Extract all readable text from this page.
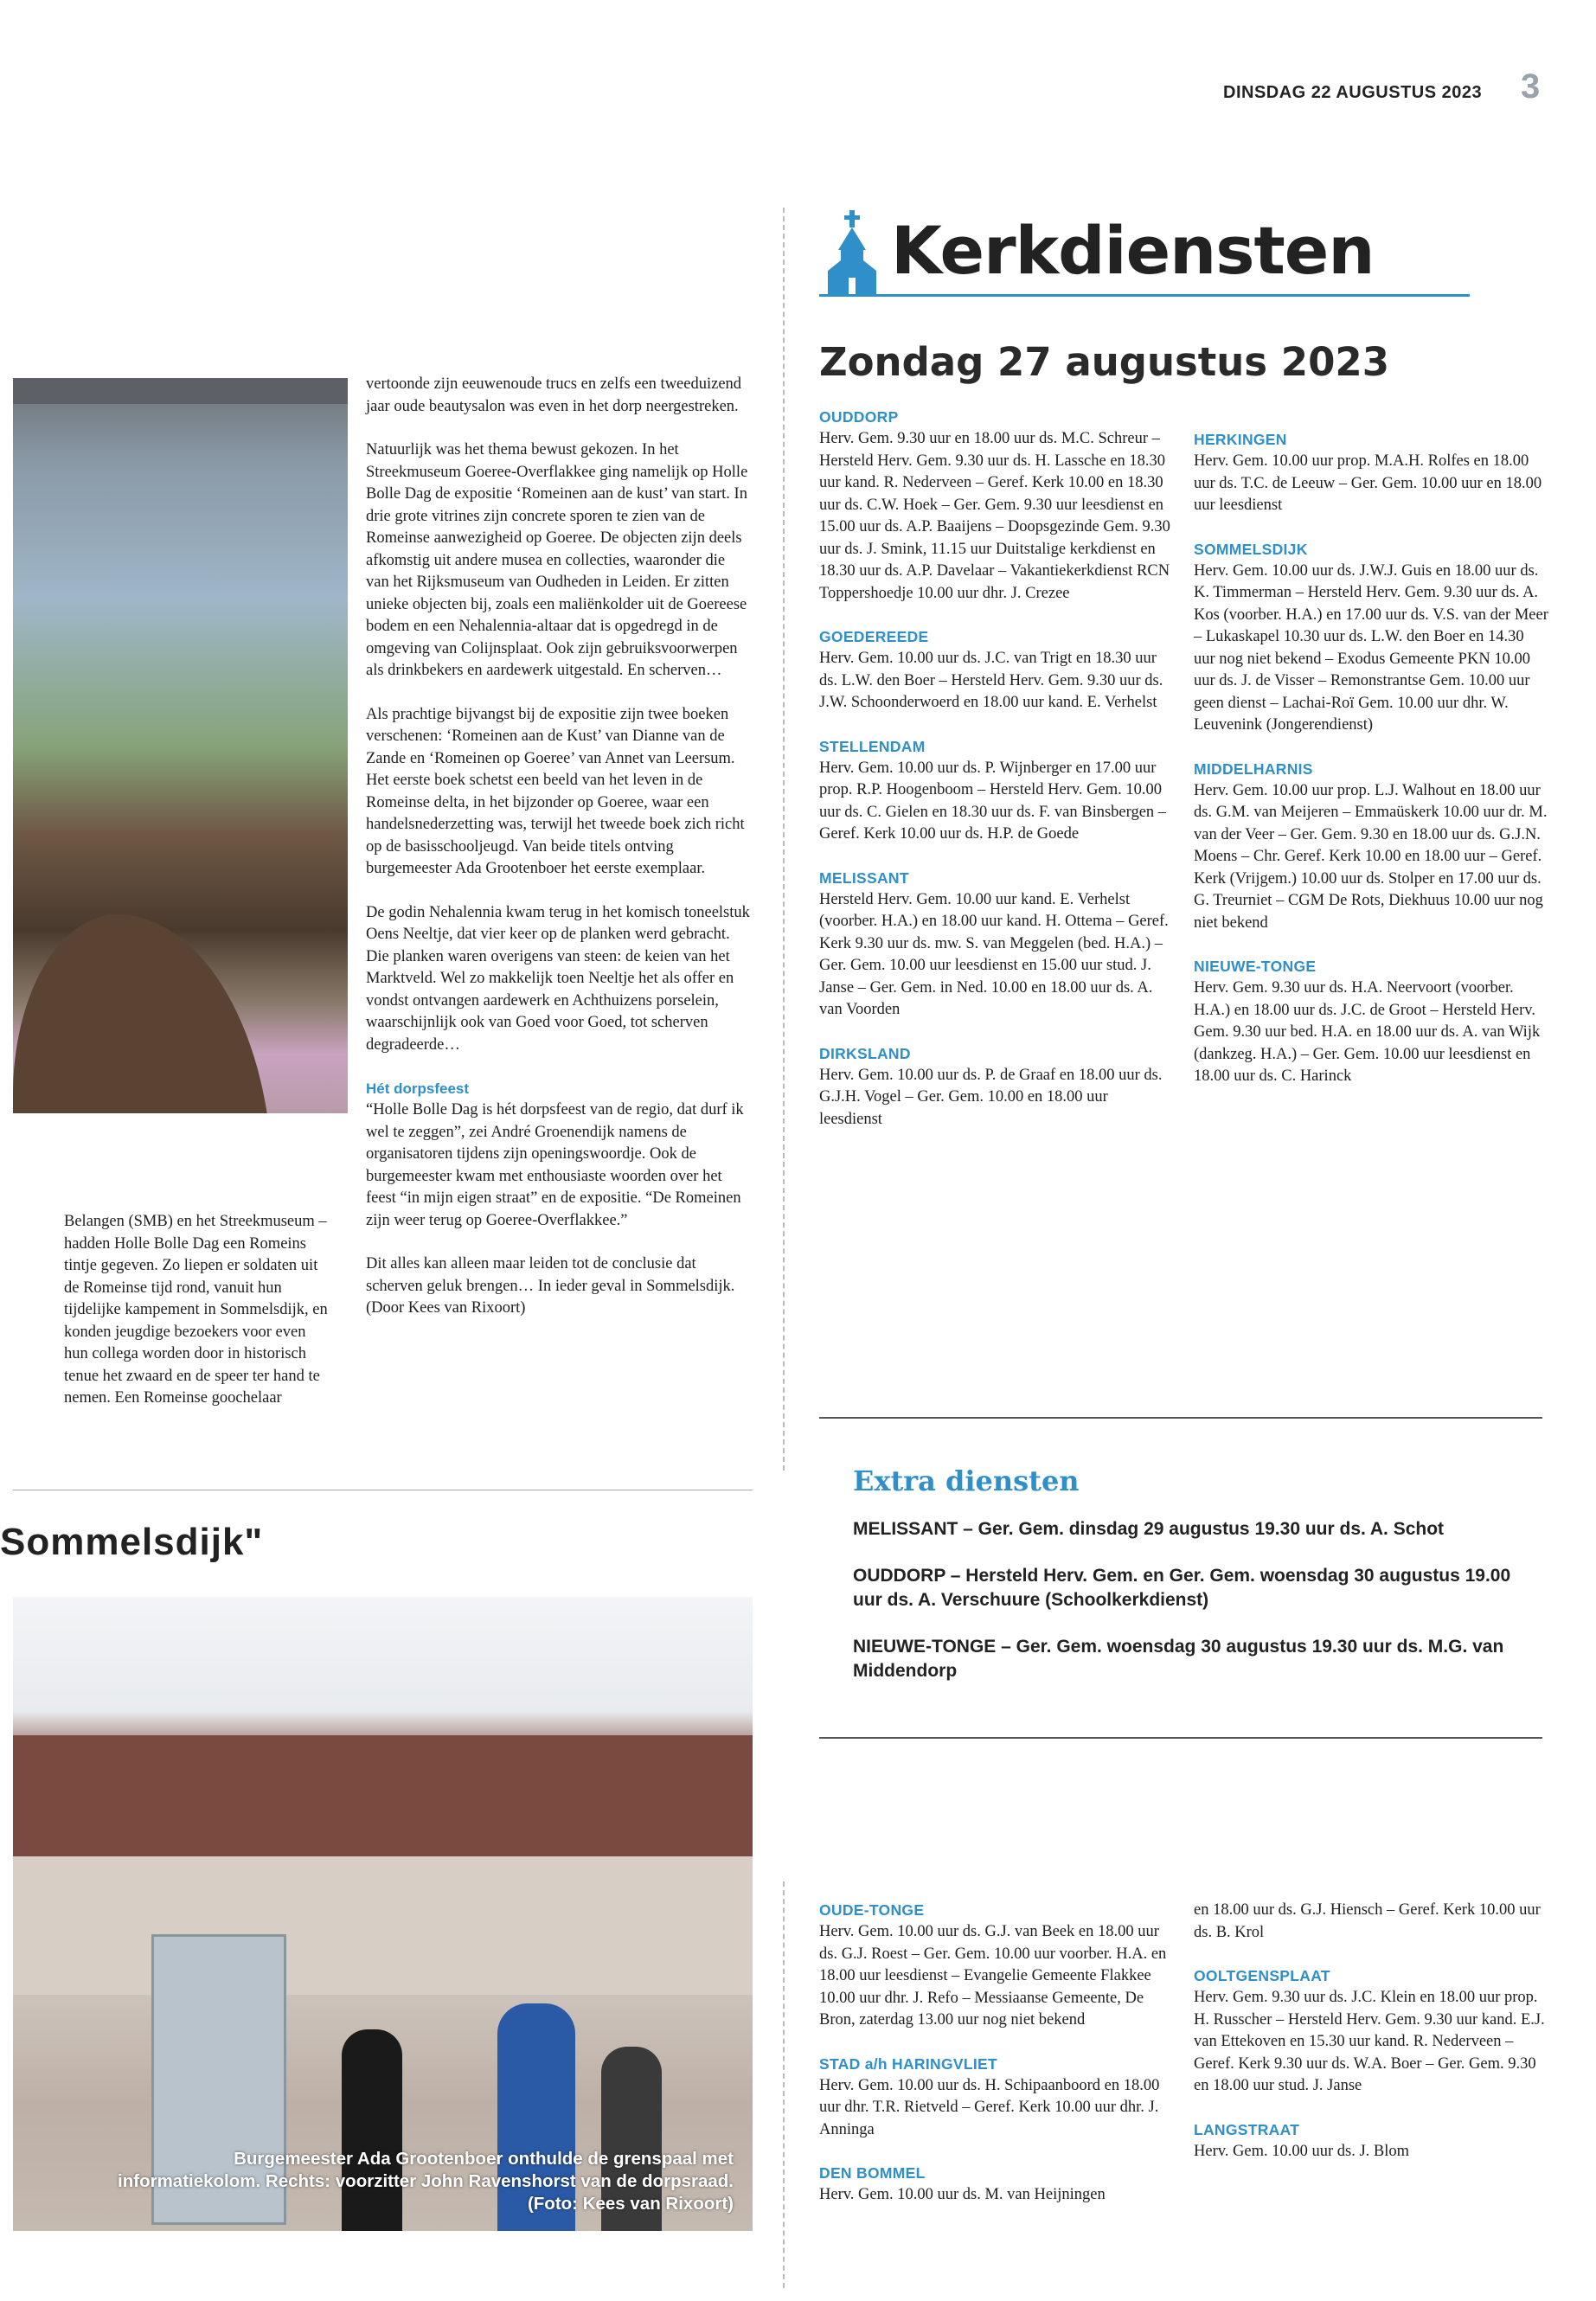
DINSDAG 22 AUGUSTUS 2023 3

Belangen (SMB) en het Streekmuseum – hadden Holle Bolle Dag een Romeins tintje gegeven. Zo liepen er soldaten uit de Romeinse tijd rond, vanuit hun tijdelijke kampement in Sommelsdijk, en konden jeugdige bezoekers voor even hun collega worden door in historisch tenue het zwaard en de speer ter hand te nemen. Een Romeinse goochelaar

vertoonde zijn eeuwenoude trucs en zelfs een tweeduizend jaar oude beautysalon was even in het dorp neergestreken.

Natuurlijk was het thema bewust gekozen. In het Streekmuseum Goeree-Overflakkee ging namelijk op Holle Bolle Dag de expositie ‘Romeinen aan de kust’ van start. In drie grote vitrines zijn concrete sporen te zien van de Romeinse aanwezigheid op Goeree. De objecten zijn deels afkomstig uit andere musea en collecties, waaronder die van het Rijksmuseum van Oudheden in Leiden. Er zitten unieke objecten bij, zoals een maliënkolder uit de Goereese bodem en een Nehalennia-altaar dat is opgedregd in de omgeving van Colijnsplaat. Ook zijn gebruiksvoorwerpen als drinkbekers en aardewerk uitgestald. En scherven…

Als prachtige bijvangst bij de expositie zijn twee boeken verschenen: ‘Romeinen aan de Kust’ van Dianne van de Zande en ‘Romeinen op Goeree’ van Annet van Leersum. Het eerste boek schetst een beeld van het leven in de Romeinse delta, in het bijzonder op Goeree, waar een handelsnederzetting was, terwijl het tweede boek zich richt op de basisschooljeugd. Van beide titels ontving burgemeester Ada Grootenboer het eerste exemplaar.

De godin Nehalennia kwam terug in het komisch toneelstuk Oens Neeltje, dat vier keer op de planken werd gebracht. Die planken waren overigens van steen: de keien van het Marktveld. Wel zo makkelijk toen Neeltje het als offer en vondst ontvangen aardewerk en Achthuizens porselein, waarschijnlijk ook van Goed voor Goed, tot scherven degradeerde…

Hét dorpsfeest

“Holle Bolle Dag is hét dorpsfeest van de regio, dat durf ik wel te zeggen”, zei André Groenendijk namens de organisatoren tijdens zijn openingswoordje. Ook de burgemeester kwam met enthousiaste woorden over het feest “in mijn eigen straat” en de expositie. “De Romeinen zijn weer terug op Goeree-Overflakkee.”

Dit alles kan alleen maar leiden tot de conclusie dat scherven geluk brengen… In ieder geval in Sommelsdijk. (Door Kees van Rixoort)

Sommelsdijk"
Burgemeester Ada Grootenboer onthulde de grenspaal met informatiekolom. Rechts: voorzitter John Ravenshorst van de dorpsraad. (Foto: Kees van Rixoort)
Kerkdiensten
Zondag 27 augustus 2023
OUDDORP
Herv. Gem. 9.30 uur en 18.00 uur ds. M.C. Schreur – Hersteld Herv. Gem. 9.30 uur ds. H. Lassche en 18.30 uur kand. R. Nederveen – Geref. Kerk 10.00 en 18.30 uur ds. C.W. Hoek – Ger. Gem. 9.30 uur leesdienst en 15.00 uur ds. A.P. Baaijens – Doopsgezinde Gem. 9.30 uur ds. J. Smink, 11.15 uur Duitstalige kerkdienst en 18.30 uur ds. A.P. Davelaar – Vakantiekerkdienst RCN Toppershoedje 10.00 uur dhr. J. Crezee
GOEDEREEDE
Herv. Gem. 10.00 uur ds. J.C. van Trigt en 18.30 uur ds. L.W. den Boer – Hersteld Herv. Gem. 9.30 uur ds. J.W. Schoonderwoerd en 18.00 uur kand. E. Verhelst
STELLENDAM
Herv. Gem. 10.00 uur ds. P. Wijnberger en 17.00 uur prop. R.P. Hoogenboom – Hersteld Herv. Gem. 10.00 uur ds. C. Gielen en 18.30 uur ds. F. van Binsbergen – Geref. Kerk 10.00 uur ds. H.P. de Goede
MELISSANT
Hersteld Herv. Gem. 10.00 uur kand. E. Verhelst (voorber. H.A.) en 18.00 uur kand. H. Ottema – Geref. Kerk 9.30 uur ds. mw. S. van Meggelen (bed. H.A.) – Ger. Gem. 10.00 uur leesdienst en 15.00 uur stud. J. Janse – Ger. Gem. in Ned. 10.00 en 18.00 uur ds. A. van Voorden
DIRKSLAND
Herv. Gem. 10.00 uur ds. P. de Graaf en 18.00 uur ds. G.J.H. Vogel – Ger. Gem. 10.00 en 18.00 uur leesdienst
HERKINGEN
Herv. Gem. 10.00 uur prop. M.A.H. Rolfes en 18.00 uur ds. T.C. de Leeuw – Ger. Gem. 10.00 uur en 18.00 uur leesdienst
SOMMELSDIJK
Herv. Gem. 10.00 uur ds. J.W.J. Guis en 18.00 uur ds. K. Timmerman – Hersteld Herv. Gem. 9.30 uur ds. A. Kos (voorber. H.A.) en 17.00 uur ds. V.S. van der Meer – Lukaskapel 10.30 uur ds. L.W. den Boer en 14.30 uur nog niet bekend – Exodus Gemeente PKN 10.00 uur ds. J. de Visser – Remonstrantse Gem. 10.00 uur geen dienst – Lachai-Roï Gem. 10.00 uur dhr. W. Leuvenink (Jongerendienst)
MIDDELHARNIS
Herv. Gem. 10.00 uur prop. L.J. Walhout en 18.00 uur ds. G.M. van Meijeren – Emmaüskerk 10.00 uur dr. M. van der Veer – Ger. Gem. 9.30 en 18.00 uur ds. G.J.N. Moens – Chr. Geref. Kerk 10.00 en 18.00 uur – Geref. Kerk (Vrijgem.) 10.00 uur ds. Stolper en 17.00 uur ds. G. Treurniet – CGM De Rots, Diekhuus 10.00 uur nog niet bekend
NIEUWE-TONGE
Herv. Gem. 9.30 uur ds. H.A. Neervoort (voorber. H.A.) en 18.00 uur ds. J.C. de Groot – Hersteld Herv. Gem. 9.30 uur bed. H.A. en 18.00 uur ds. A. van Wijk (dankzeg. H.A.) – Ger. Gem. 10.00 uur leesdienst en 18.00 uur ds. C. Harinck
Extra diensten
MELISSANT – Ger. Gem. dinsdag 29 augustus 19.30 uur ds. A. Schot
OUDDORP – Hersteld Herv. Gem. en Ger. Gem. woensdag 30 augustus 19.00 uur ds. A. Verschuure (Schoolkerkdienst)
NIEUWE-TONGE – Ger. Gem. woensdag 30 augustus 19.30 uur ds. M.G. van Middendorp
OUDE-TONGE
Herv. Gem. 10.00 uur ds. G.J. van Beek en 18.00 uur ds. G.J. Roest – Ger. Gem. 10.00 uur voorber. H.A. en 18.00 uur leesdienst – Evangelie Gemeente Flakkee 10.00 uur dhr. J. Refo – Messiaanse Gemeente, De Bron, zaterdag 13.00 uur nog niet bekend
STAD a/h HARINGVLIET
Herv. Gem. 10.00 uur ds. H. Schipaanboord en 18.00 uur dhr. T.R. Rietveld – Geref. Kerk 10.00 uur dhr. J. Anninga
DEN BOMMEL
Herv. Gem. 10.00 uur ds. M. van Heijningen
en 18.00 uur ds. G.J. Hiensch – Geref. Kerk 10.00 uur ds. B. Krol
OOLTGENSPLAAT
Herv. Gem. 9.30 uur ds. J.C. Klein en 18.00 uur prop. H. Russcher – Hersteld Herv. Gem. 9.30 uur kand. E.J. van Ettekoven en 15.30 uur kand. R. Nederveen – Geref. Kerk 9.30 uur ds. W.A. Boer – Ger. Gem. 9.30 en 18.00 uur stud. J. Janse
LANGSTRAAT
Herv. Gem. 10.00 uur ds. J. Blom
